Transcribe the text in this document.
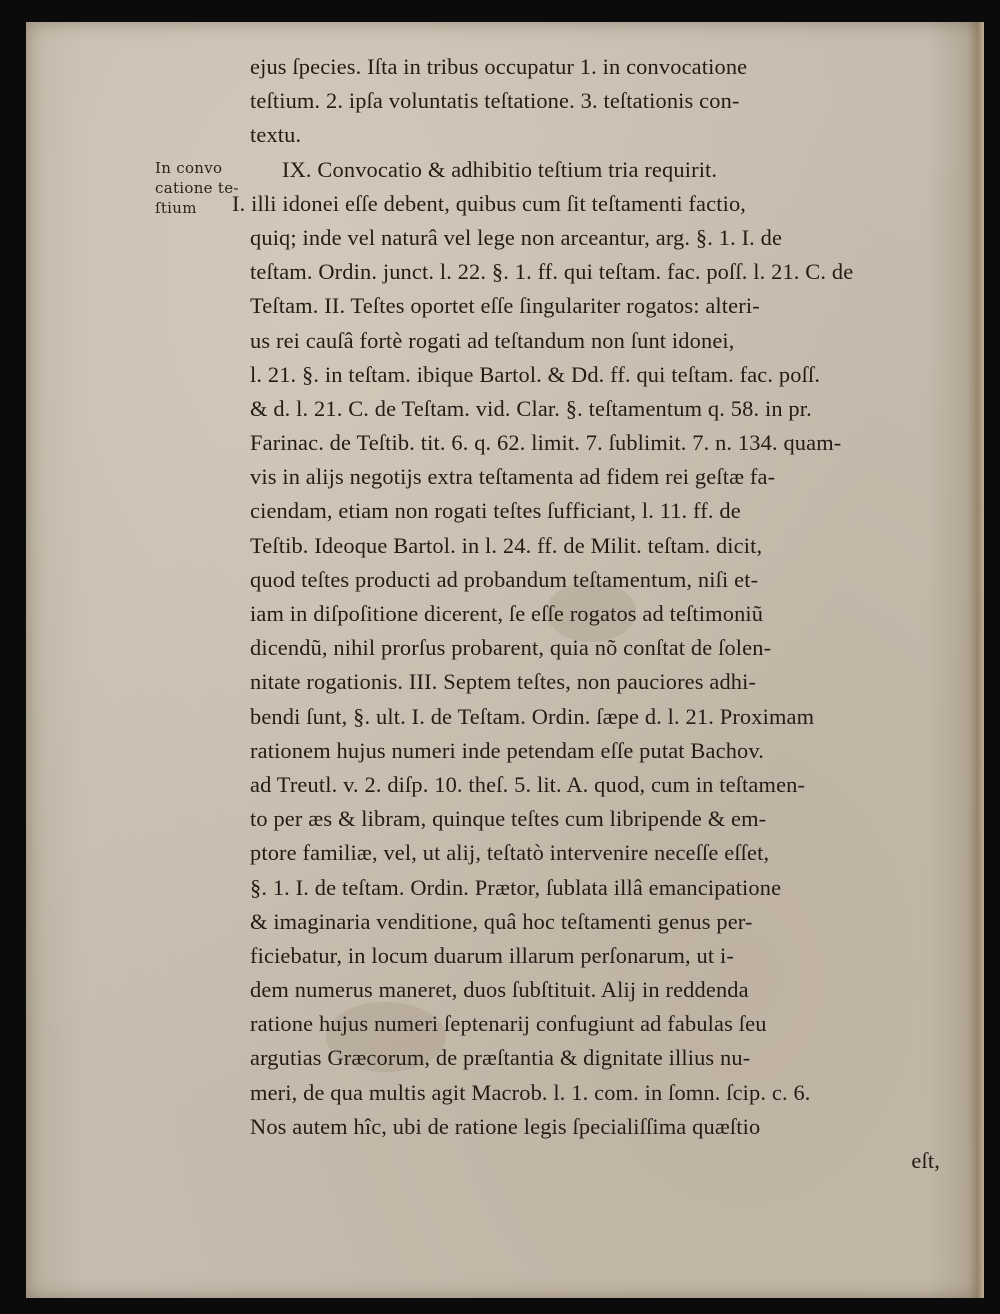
In convo
catione te-
ſtium
ejus ſpecies. Iſta in tribus occupatur 1. in convocatione
teſtium. 2. ipſa voluntatis teſtatione. 3. teſtationis con-
textu.
IX. Convocatio & adhibitio teſtium tria requirit.
I. illi idonei eſſe debent, quibus cum ſit teſtamenti factio,
quiq; inde vel naturâ vel lege non arceantur, arg. §. 1. I. de
teſtam. Ordin. junct. l. 22. §. 1. ff. qui teſtam. fac. poſſ. l. 21. C. de
Teſtam. II. Teſtes oportet eſſe ſingulariter rogatos: alteri-
us rei cauſâ fortè rogati ad teſtandum non ſunt idonei,
l. 21. §. in teſtam. ibique Bartol. & Dd. ff. qui teſtam. fac. poſſ.
& d. l. 21. C. de Teſtam. vid. Clar. §. teſtamentum q. 58. in pr.
Farinac. de Teſtib. tit. 6. q. 62. limit. 7. ſublimit. 7. n. 134. quam-
vis in alijs negotijs extra teſtamenta ad fidem rei geſtæ fa-
ciendam, etiam non rogati teſtes ſufficiant, l. 11. ff. de
Teſtib. Ideoque Bartol. in l. 24. ff. de Milit. teſtam. dicit,
quod teſtes producti ad probandum teſtamentum, niſi et-
iam in diſpoſitione dicerent, ſe eſſe rogatos ad teſtimoniũ
dicendũ, nihil prorſus probarent, quia nõ conſtat de ſolen-
nitate rogationis. III. Septem teſtes, non pauciores adhi-
bendi ſunt, §. ult. I. de Teſtam. Ordin. ſæpe d. l. 21. Proximam
rationem hujus numeri inde petendam eſſe putat Bachov.
ad Treutl. v. 2. diſp. 10. theſ. 5. lit. A. quod, cum in teſtamen-
to per æs & libram, quinque teſtes cum libripende & em-
ptore familiæ, vel, ut alij, teſtatò intervenire neceſſe eſſet,
§. 1. I. de teſtam. Ordin. Prætor, ſublata illâ emancipatione
& imaginaria venditione, quâ hoc teſtamenti genus per-
ficiebatur, in locum duarum illarum perſonarum, ut i-
dem numerus maneret, duos ſubſtituit. Alij in reddenda
ratione hujus numeri ſeptenarij confugiunt ad fabulas ſeu
argutias Græcorum, de præſtantia & dignitate illius nu-
meri, de qua multis agit Macrob. l. 1. com. in ſomn. ſcip. c. 6.
Nos autem hîc, ubi de ratione legis ſpecialiſſima quæſtio
eſt,
